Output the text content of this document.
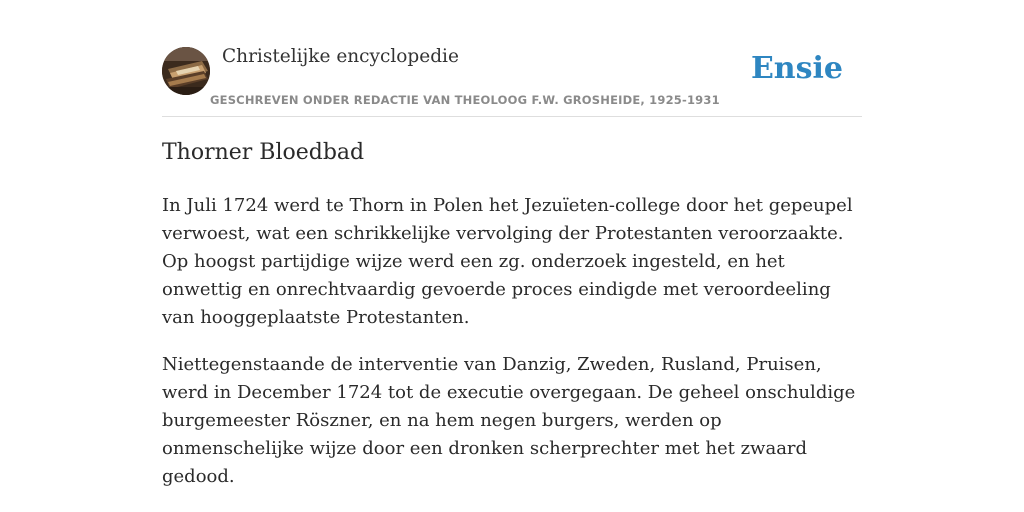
Christelijke encyclopedie
GESCHREVEN ONDER REDACTIE VAN THEOLOOG F.W. GROSHEIDE, 1925-1931
Ensie
Thorner Bloedbad

In Juli 1724 werd te Thorn in Polen het Jezuïeten-college door het gepeupel verwoest, wat een schrikkelijke vervolging der Protestanten veroorzaakte. Op hoogst partijdige wijze werd een zg. onderzoek ingesteld, en het onwettig en onrechtvaardig gevoerde proces eindigde met veroordeeling van hooggeplaatste Protestanten.

Niettegenstaande de interventie van Danzig, Zweden, Rusland, Pruisen, werd in December 1724 tot de executie overgegaan. De geheel onschuldige burgemeester Röszner, en na hem negen burgers, werden op onmenschelijke wijze door een dronken scherprechter met het zwaard gedood.
